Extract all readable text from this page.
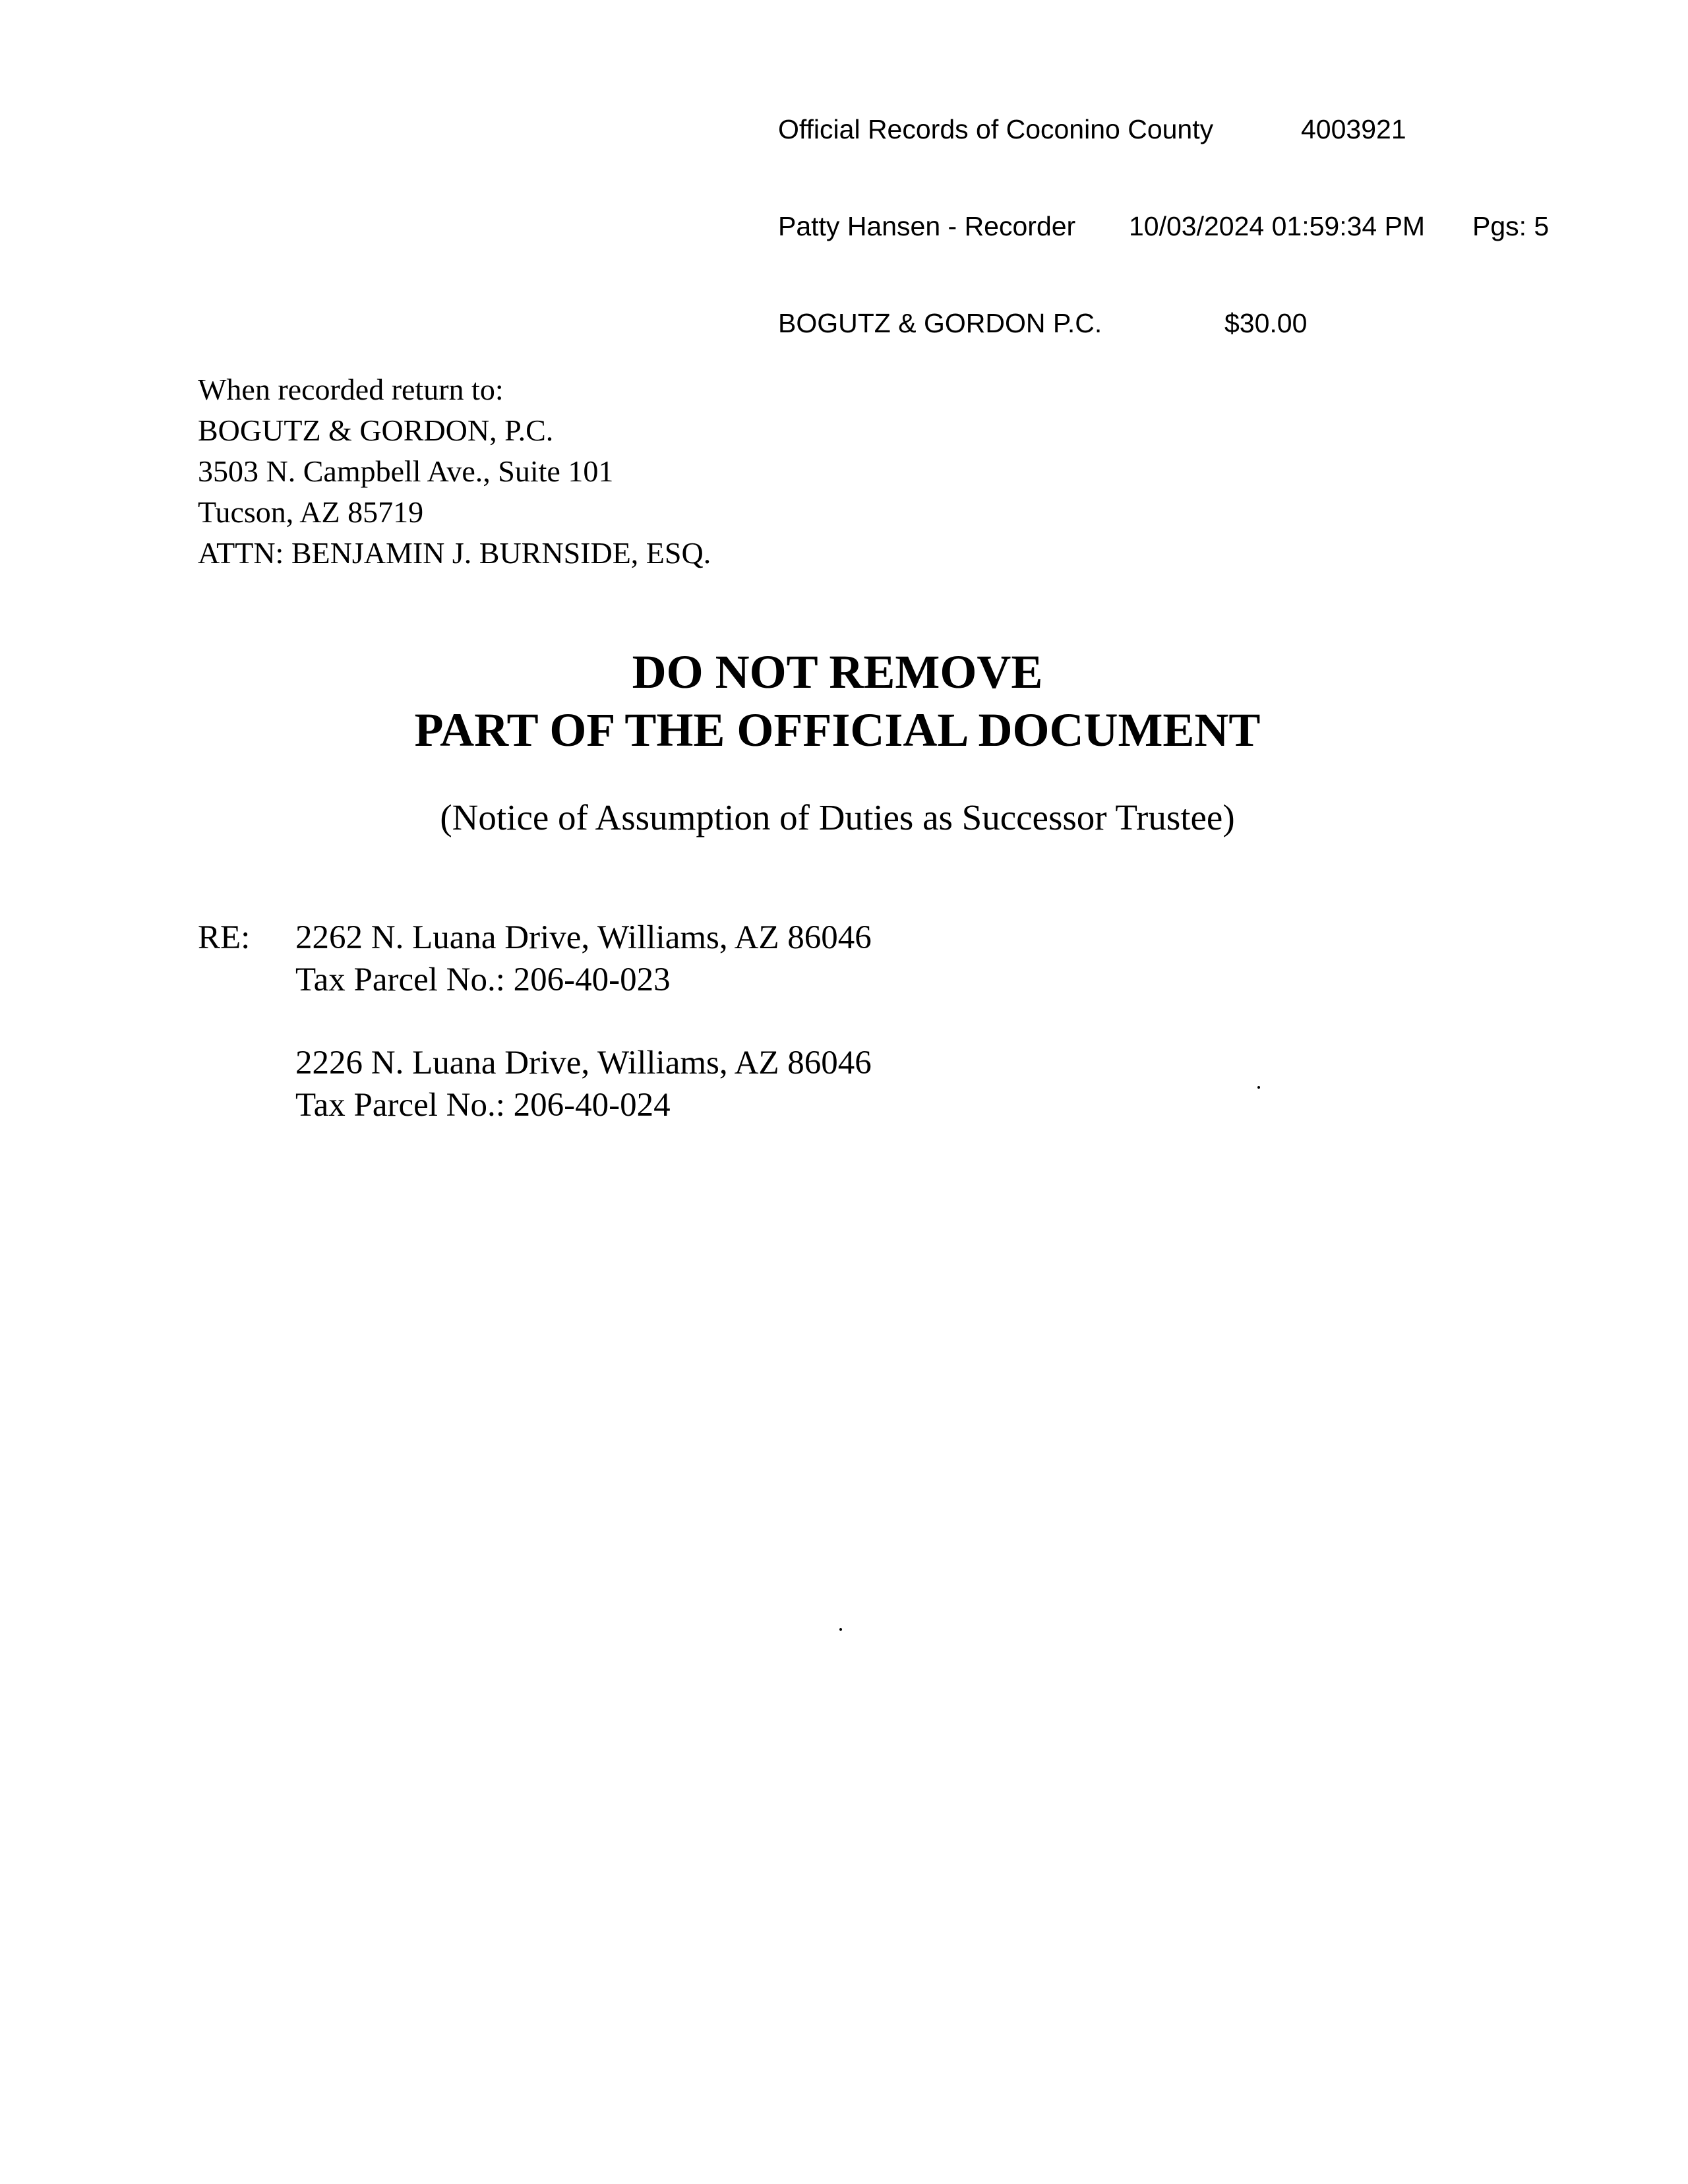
Official Records of Coconino County

	4003921

Patty Hansen - Recorder

10/03/2024 01:59:34 PM

Pgs: 5

BOGUTZ & GORDON P.C.

	$30.00

When recorded return to:
BOGUTZ & GORDON, P.C.
3503 N. Campbell Ave., Suite 101
Tucson, AZ 85719
ATTN: BENJAMIN J. BURNSIDE, ESQ.
DO NOT REMOVE
PART OF THE OFFICIAL DOCUMENT
(Notice of Assumption of Duties as Successor Trustee)
RE: 2262 N. Luana Drive, Williams, AZ 86046
Tax Parcel No.: 206-40-023
2226 N. Luana Drive, Williams, AZ 86046
Tax Parcel No.: 206-40-024
